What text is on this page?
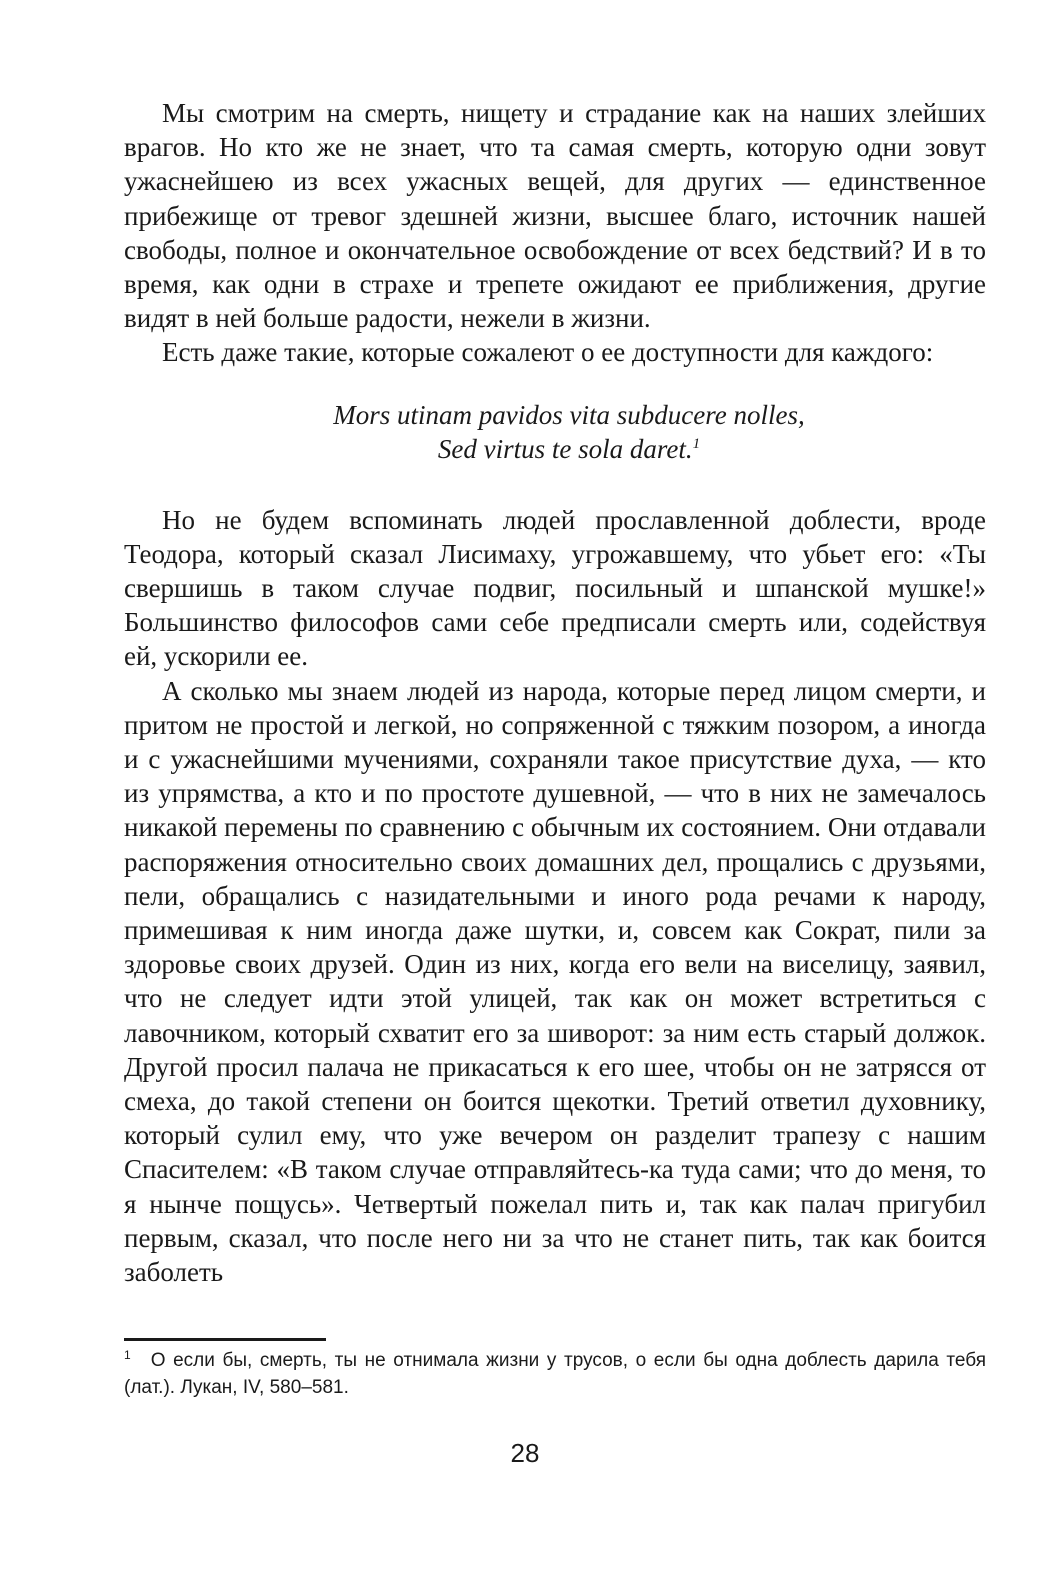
Мы смотрим на смерть, нищету и страдание как на наших злейших врагов. Но кто же не знает, что та самая смерть, которую одни зовут ужаснейшею из всех ужасных вещей, для других — единственное прибежище от тревог здешней жизни, высшее благо, источник нашей свободы, полное и окончательное освобождение от всех бедствий? И в то время, как одни в страхе и трепете ожидают ее приближения, другие видят в ней больше радости, нежели в жизни.

Есть даже такие, которые сожалеют о ее доступности для каждого:

Mors utinam pavidos vita subducere nolles,
Sed virtus te sola daret.$^1$

Но не будем вспоминать людей прославленной доблести, вроде Теодора, который сказал Лисимаху, угрожавшему, что убьет его: «Ты свершишь в таком случае подвиг, посильный и шпанской мушке!» Большинство философов сами себе предписали смерть или, содействуя ей, ускорили ее.

А сколько мы знаем людей из народа, которые перед лицом смерти, и притом не простой и легкой, но сопряженной с тяжким позором, а иногда и с ужаснейшими мучениями, сохраняли такое присутствие духа, — кто из упрямства, а кто и по простоте душевной, — что в них не замечалось никакой перемены по сравнению с обычным их состоянием. Они отдавали распоряжения относительно своих домашних дел, прощались с друзьями, пели, обращались с назидательными и иного рода речами к народу, примешивая к ним иногда даже шутки, и, совсем как Сократ, пили за здоровье своих друзей. Один из них, когда его вели на виселицу, заявил, что не следует идти этой улицей, так как он может встретиться с лавочником, который схватит его за шиворот: за ним есть старый должок. Другой просил палача не прикасаться к его шее, чтобы он не затрясся от смеха, до такой степени он боится щекотки. Третий ответил духовнику, который сулил ему, что уже вечером он разделит трапезу с нашим Спасителем: «В таком случае отправляйтесь-ка туда сами; что до меня, то я нынче пощусь». Четвертый пожелал пить и, так как палач пригубил первым, сказал, что после него ни за что не станет пить, так как боится заболеть

$^1$ О если бы, смерть, ты не отнимала жизни у трусов, о если бы одна доблесть дарила тебя (лат.). Лукан, IV, 580–581.
28
